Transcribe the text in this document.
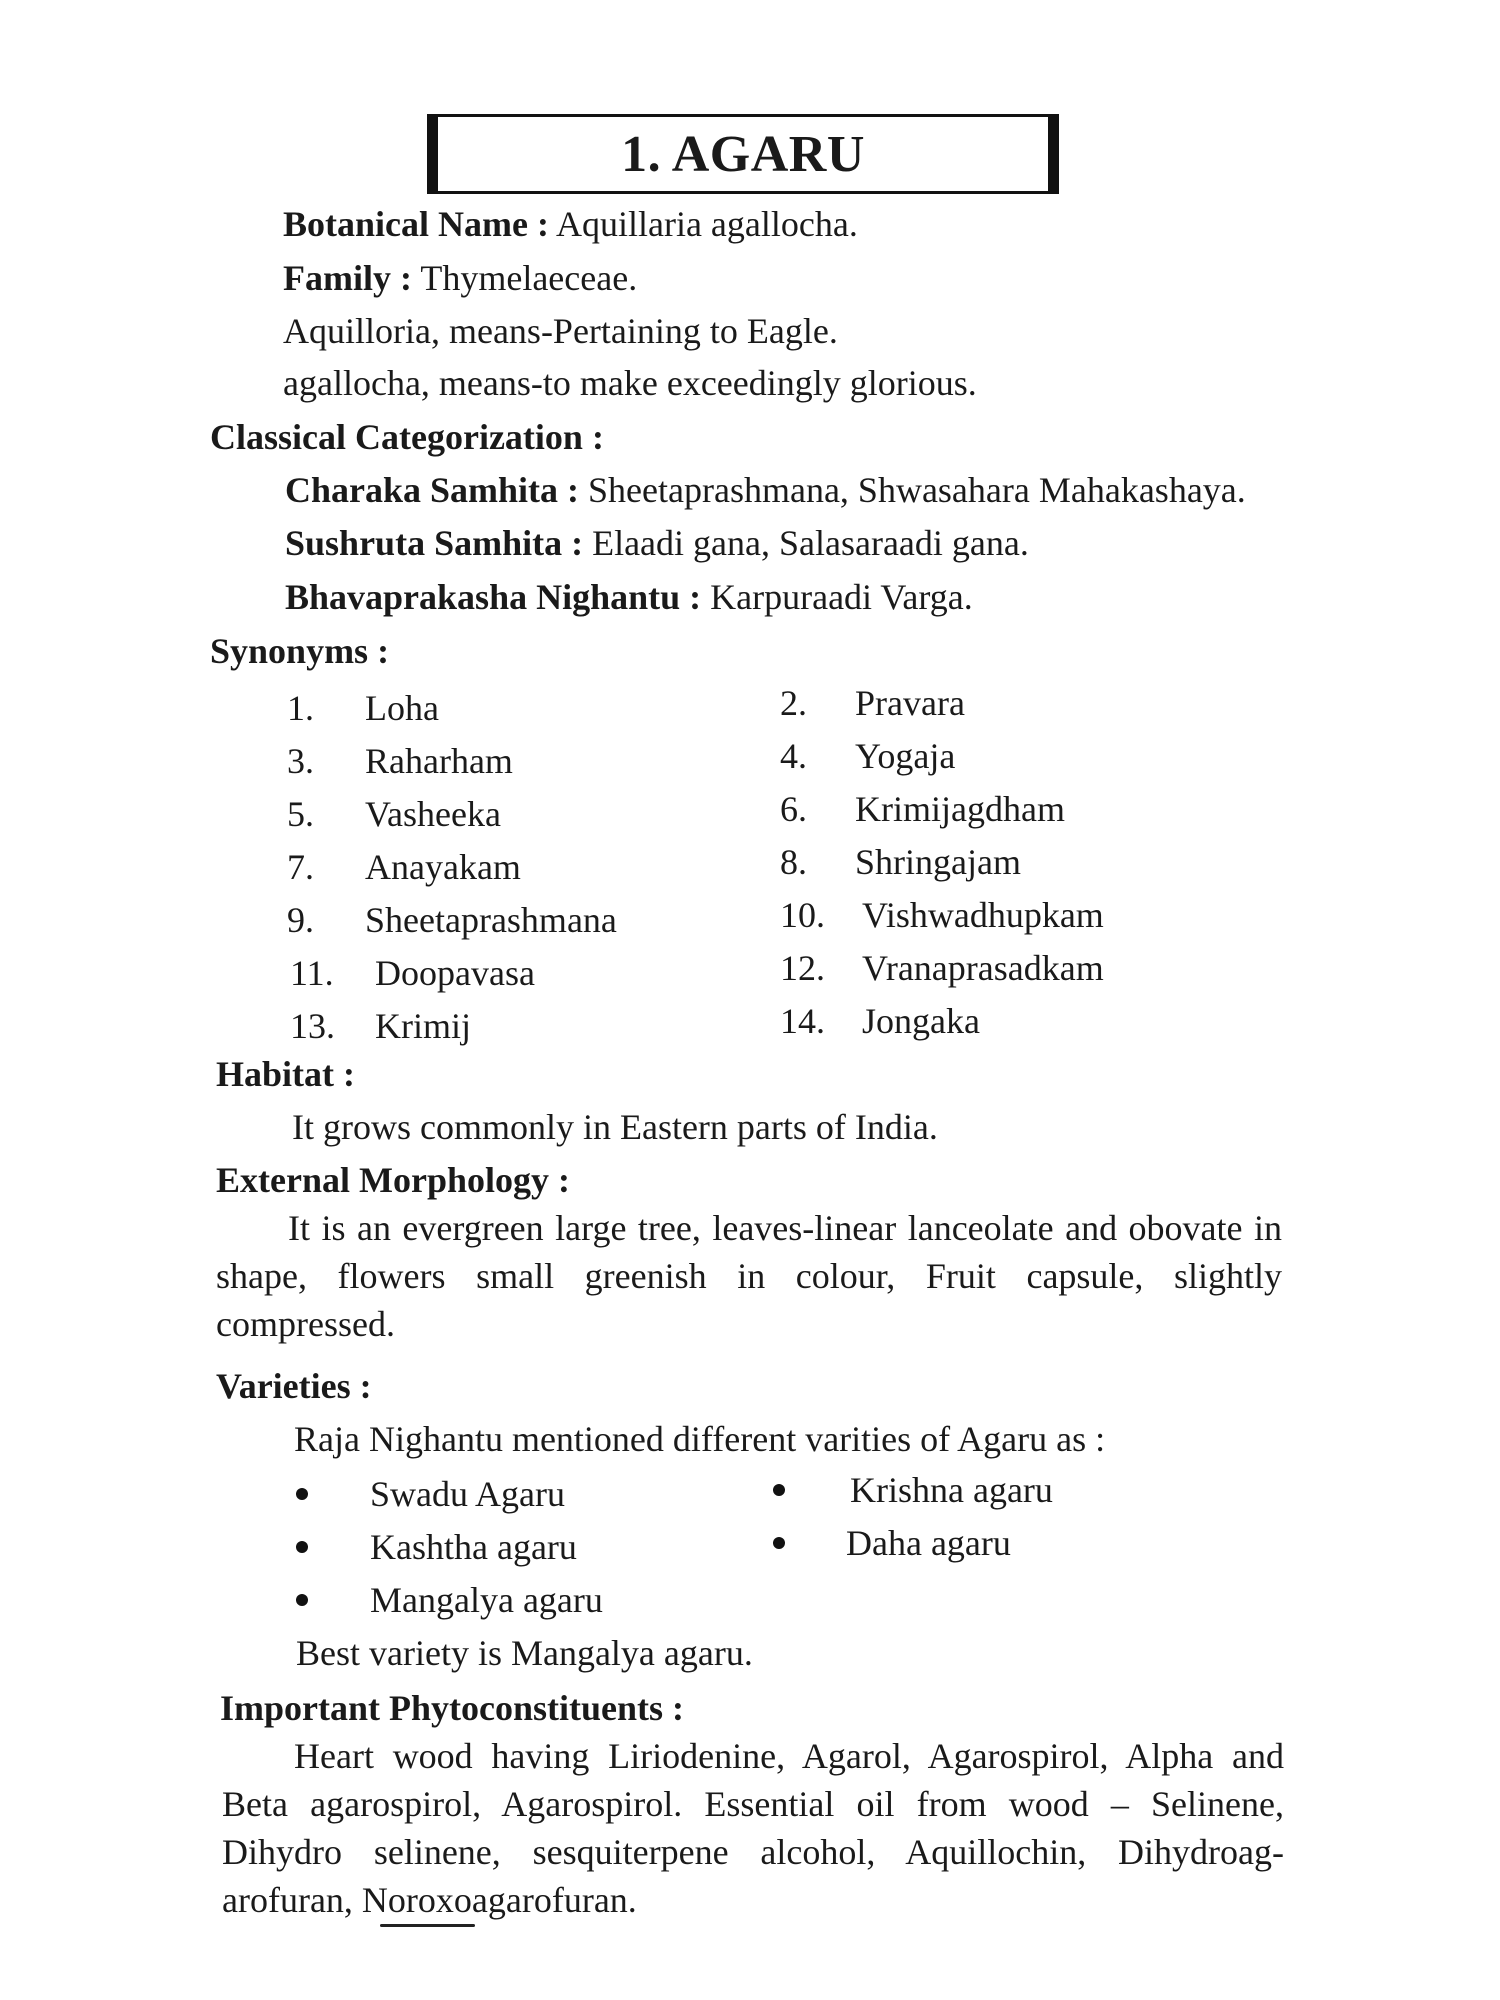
1. AGARU
Botanical Name : Aquillaria agallocha.
Family : Thymelaeceae.
Aquilloria, means-Pertaining to Eagle.
agallocha, means-to make exceedingly glorious.
Classical Categorization :
Charaka Samhita : Sheetaprashmana, Shwasahara Mahakashaya.
Sushruta Samhita : Elaadi gana, Salasaraadi gana.
Bhavaprakasha Nighantu : Karpuraadi Varga.
Synonyms :
1. Loha
3. Raharham
5. Vasheeka
7. Anayakam
9. Sheetaprashmana
11. Doopavasa
13. Krimij
2. Pravara
4. Yogaja
6. Krimijagdham
8. Shringajam
10. Vishwadhupkam
12. Vranaprasadkam
14. Jongaka
Habitat :
It grows commonly in Eastern parts of India.
External Morphology :
It is an evergreen large tree, leaves-linear lanceolate and obovate in shape, flowers small greenish in colour, Fruit capsule, slightly compressed.
Varieties :
Raja Nighantu mentioned different varities of Agaru as :
Swadu Agaru	Krishna agaru
Kashtha agaru	Daha agaru
Mangalya agaru
Best variety is Mangalya agaru.
Important Phytoconstituents :
Heart wood having Liriodenine, Agarol, Agarospirol, Alpha and Beta agarospirol, Agarospirol. Essential oil from wood – Selinene, Dihydro selinene, sesquiterpene alcohol, Aquillochin, Dihydroag-arofuran, Noroxoagarofuran.
